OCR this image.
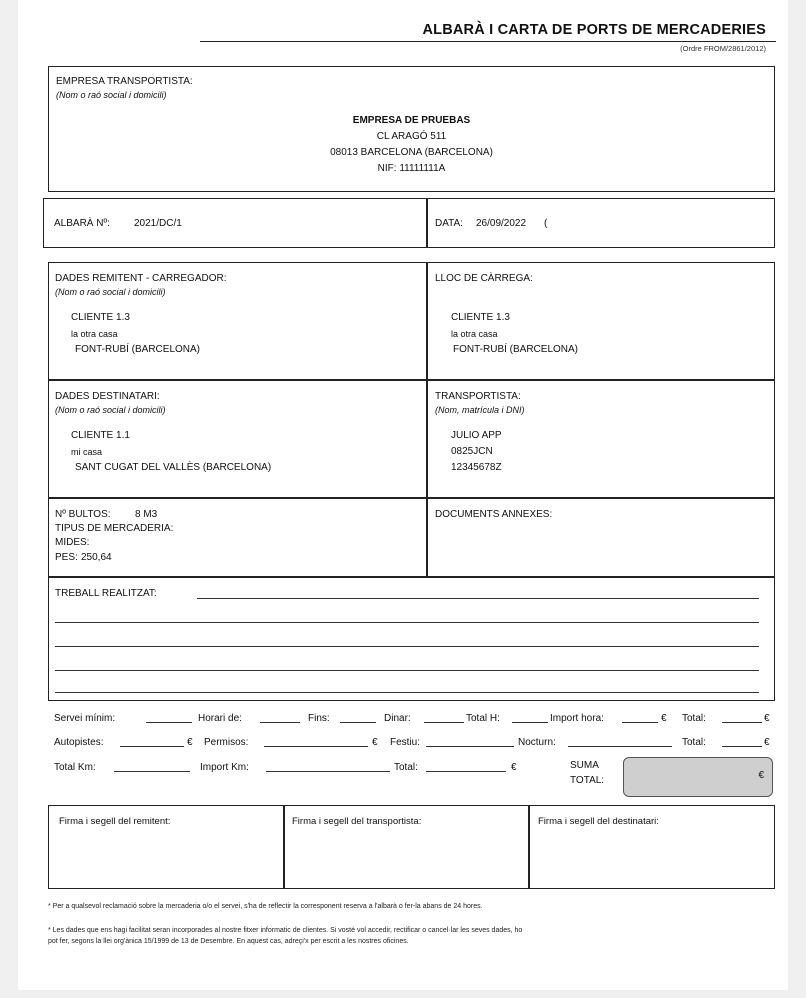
ALBARÀ I CARTA DE PORTS DE MERCADERIES
(Ordre FROM/2861/2012)
EMPRESA TRANSPORTISTA:
(Nom o raó social i domicili)
EMPRESA DE PRUEBAS
CL ARAGÓ 511
08013 BARCELONA (BARCELONA)
NIF: 11111111A
ALBARÀ Nº: 2021/DC/1	DATA: 26/09/2022 (
DADES REMITENT - CARREGADOR:
(Nom o raó social i domicili)
CLIENTE 1.3
la otra casa
FONT-RUBÍ (BARCELONA)
LLOC DE CÀRREGA:
CLIENTE 1.3
la otra casa
FONT-RUBÍ (BARCELONA)
DADES DESTINATARI:
(Nom o raó social i domicili)
CLIENTE 1.1
mi casa
SANT CUGAT DEL VALLÈS (BARCELONA)
TRANSPORTISTA:
(Nom, matrícula i DNI)
JULIO APP
0825JCN
12345678Z
Nº BULTOS: 8 M3
TIPUS DE MERCADERIA:
MIDES:
PES: 250,64
DOCUMENTS ANNEXES:
TREBALL REALITZAT:
Servei mínim:	Horari de:	Fins:	Dinar:	Total H:	Import hora:	€ Total:	€
Autopistes:	€ Permisos:	€ Festiu:	Nocturn:	Total:	€
Total Km:	Import Km:	Total:	€	SUMA
TOTAL:	€
Firma i segell del remitent:	Firma i segell del transportista:	Firma i segell del destinatari:
* Per a qualsevol reclamació sobre la mercaderia o/o el servei, s'ha de reflectir la corresponent reserva a l'albarà o fer-la abans de 24 hores.
* Les dades que ens hagi facilitat seran incorporades al nostre fitxer informatic de clientes. Si vosté vol accedir, rectificar o cancel·lar les seves dades, ho
pot fer, segons la llei org'ànica 15/1999 de 13 de Desembre. En aquest cas, adreçi'x per escrit a les nostres oficines.
